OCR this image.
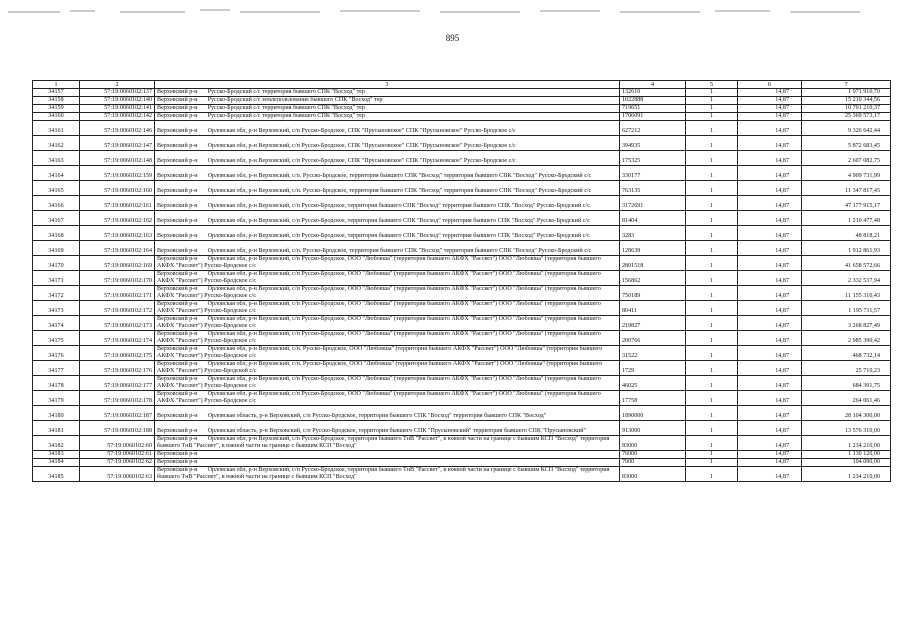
895
1	2	3	4	5	6	7
34157	57:19:0060102:137	Верховский р-н Русско-Бродский с/с территория бывшего СПК "Восход" тер	132610	1	14,87	1 971 910,70
34158	57:19:0060102:140	Верховский р-н Русско-Бродский с/с землепользование бывшего СПК "Восход" тер	1022888	1	14,87	15 210 344,56
34159	57:19:0060102:141	Верховский р-н Русско-Бродский с/с территория бывшего СПК "Восход" тер	719651	1	14,87	10 701 210,37
34160	57:19:0060102:142	Верховский р-н Русско-Бродский с/с территория бывшего СПК "Восход" тер	1706091	1	14,87	25 369 573,17
34161	57:19:0060102:146	Верховский р-н Орловская обл, р-н Верховский, с/п Русско-Бродское, СПК "Прусыновское" СПК "Прусыновское" Русско-Бродское с/с	627212	1	14,87	9 326 642,44
34162	57:19:0060102:147	Верховский р-н Орловская обл, р-н Верховский, с/п Русско-Бродское, СПК "Прусыновское" СПК "Прусыновское" Русско-Бродское с/с	394935	1	14,87	5 872 683,45
34163	57:19:0060102:148	Верховский р-н Орловская обл, р-н Верховский, с/п Русско-Бродское, СПК "Прусыновское" СПК "Прусыновское" Русско-Бродское с/с	175325	1	14,87	2 607 082,75
34164	57:19:0060102:159	Верховский р-н Орловская обл, р-н Верховский, с/п. Русско-Бродское, территория бывшего СПК "Восход" территория бывшего СПК "Восход" Русско-Бродский с/с	330177	1	14,87	4 909 731,99
34165	57:19:0060102:160	Верховский р-н Орловская обл, р-н Верховский, с/п. Русско-Бродское, территория бывшего СПК "Восход" территория бывшего СПК "Восход" Русско-Бродский с/с	763135	1	14,87	11 347 817,45
34166	57:19:0060102:161	Верховский р-н Орловская обл, р-н Верховский, с/п Русско-Бродское, территория бывшего СПК "Восход" территория бывшего СПК "Восход" Русско-Бродский с/с	3172691	1	14,87	47 177 915,17
34167	57:19:0060102:162	Верховский р-н Орловская обл, р-н Верховский, с/п Русско-Бродское, территория бывшего СПК "Восход" территория бывшего СПК "Восход" Русско-Бродский с/с	81404	1	14,87	1 210 477,48
34168	57:19:0060102:163	Верховский р-н Орловская обл, р-н Верховский, с/п Русско-Бродское, территория бывшего СПК "Восход" территория бывшего СПК "Восход" Русско-Бродский с/с	3283	1	14,87	48 818,21
34169	57:19:0060102:164	Верховский р-н Орловская обл, р-н Верховский, с/п. Русско-Бродское, территория бывшего СПК "Восход" территория бывшего СПК "Восход" Русско-Бродский с/с	128639	1	14,87	1 912 861,93
34170	57:19:0060102:169	Верховский р-н Орловская обл, р-н Верховский, с/п Русско-Бродское, ООО "Любовша" (территория бывшего АКФХ "Рассвет") ООО "Любовша" (территория бывшего АКФХ "Рассвет") Русско-Бродское с/с	2801518	1	14,87	41 658 572,66
34171	57:19:0060102:170	Верховский р-н Орловская обл, р-н Верховский, с/п Русско-Бродское, ООО "Любовша" (территория бывшего АКФХ "Рассвет") ООО "Любовша" (территория бывшего АКФХ "Рассвет") Русско-Бродское с/с	156862	1	14,87	2 332 537,94
34172	57:19:0060102:171	Верховский р-н Орловская обл, р-н Верховский, с/п Русско-Бродское, ООО "Любовша" (территория бывшего АКФХ "Рассвет") ООО "Любовша" (территория бывшего АКФХ "Рассвет") Русско-Бродское с/с	750189	1	14,87	11 155 310,43
34173	57:19:0060102:172	Верховский р-н Орловская обл, р-н Верховский, с/п Русско-Бродское, ООО "Любовша" (территория бывшего АКФХ "Рассвет") ООО "Любовша" (территория бывшего АКФХ "Рассвет") Русско-Бродское с/с	80411	1	14,87	1 195 711,57
34174	57:19:0060102:173	Верховский р-н Орловская обл, р-н Верховский, с/п Русско-Бродское, ООО "Любовша" (территория бывшего АКФХ "Рассвет") ООО "Любовша" (территория бывшего АКФХ "Рассвет") Русско-Бродское с/с	219827	1	14,87	3 268 827,49
34175	57:19:0060102:174	Верховский р-н Орловская обл, р-н Верховский, с/п Русско-Бродское, ООО "Любовша" (территория бывшего АКФХ "Рассвет") ООО "Любовша" (территория бывшего АКФХ "Рассвет") Русско-Бродское с/с	200766	1	14,87	2 985 390,42
34176	57:19:0060102:175	Верховский р-н Орловская обл, р-н Верховский, с/п. Русско-Бродское, ООО "Любовша" (территория бывшего АКФХ "Рассвет") ООО "Любовша" (территория бывшего АКФХ "Рассвет") Русско-Бродское с/с	31522	1	14,87	468 732,14
34177	57:19:0060102:176	Верховский р-н Орловская обл, р-н Верховский, с/п. Русско-Бродское, ООО "Любовша" (территория бывшего АКФХ "Рассвет") ООО "Любовша" (территория бывшего АКФХ "Рассвет") Русско-Бродской с/с	1729	1	14,87	25 710,23
34178	57:19:0060102:177	Верховский р-н Орловская обл, р-н Верховский, с/п Русско-Бродское, ООО "Любовша" (территория бывшего АКФХ "Рассвет") ООО "Любовша" (территория бывшего АКФХ "Рассвет") Русско-Бродское с/с	46025	1	14,87	684 391,75
34179	57:19:0060102:178	Верховский р-н Орловская обл, р-н Верховский, с/п Русско-Бродское, ООО "Любовша" (территория бывшего АКФХ "Рассвет") ООО "Любовша" (территория бывшего АКФХ "Рассвет") Русско-Бродское с/с	17758	1	14,87	264 061,46
34180	57:19:0060102:187	Верховский р-н Орловская область, р-н Верховский, с/п Русско-Бродское, территория бывшего СПК "Восход" территория бывшего СПК "Восход"	1890000	1	14,87	28 104 300,00
34181	57:19:0060102:188	Верховский р-н Орловская область, р-н Верховский, с/п Русско-Бродское, территория бывшего СПК "Прусыновский" территория бывшего СПК "Прусыновский"	913000	1	14,87	13 576 310,00
34182	57:19:0060102:60	Верховский р-н Орловская обл, р-н Верховский, с/п Русско-Бродское, территория бывшего ТнВ "Рассвет", в южной части на границе с бывшим КСП "Восход" территория бывшего ТнВ "Рассвет", в южной части на границе с бывшим КСП "Восход"	83000	1	14,87	1 234 210,00
34183	57:19:0060102:61	Верховский р-н	76000	1	14,87	1 130 120,00
34184	57:19:0060102:62	Верховский р-н	7000	1	14,87	104 090,00
34185	57:19:0060102:63	Верховский р-н Орловская обл, р-н Верховский, с/п Русско-Бродское, территория бывшего ТнВ "Рассвет", в южной части на границе с бывшим КСП "Восход" территория бывшего ТнВ "Рассвет", в южной части на границе с бывшим КСП "Восход"	83000	1	14,87	1 234 210,00
